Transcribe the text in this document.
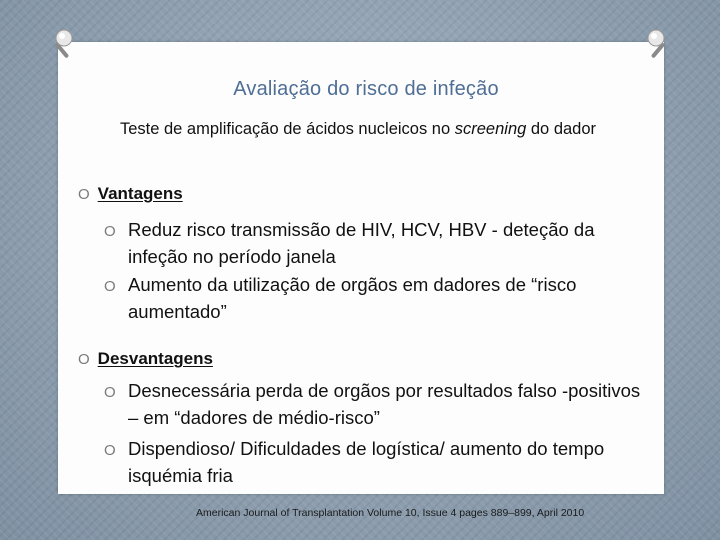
Avaliação do risco de infeção
Teste de amplificação de ácidos nucleicos no screening do dador
O Vantagens
O Reduz risco transmissão de HIV, HCV, HBV - deteção da infeção no período janela
O Aumento da utilização de orgãos em dadores de “risco aumentado”
O Desvantagens
O Desnecessária perda de orgãos por resultados falso -positivos – em “dadores de médio-risco”
O Dispendioso/ Dificuldades de logística/ aumento do tempo isquémia fria
American Journal of Transplantation Volume 10, Issue 4 pages 889–899, April 2010
